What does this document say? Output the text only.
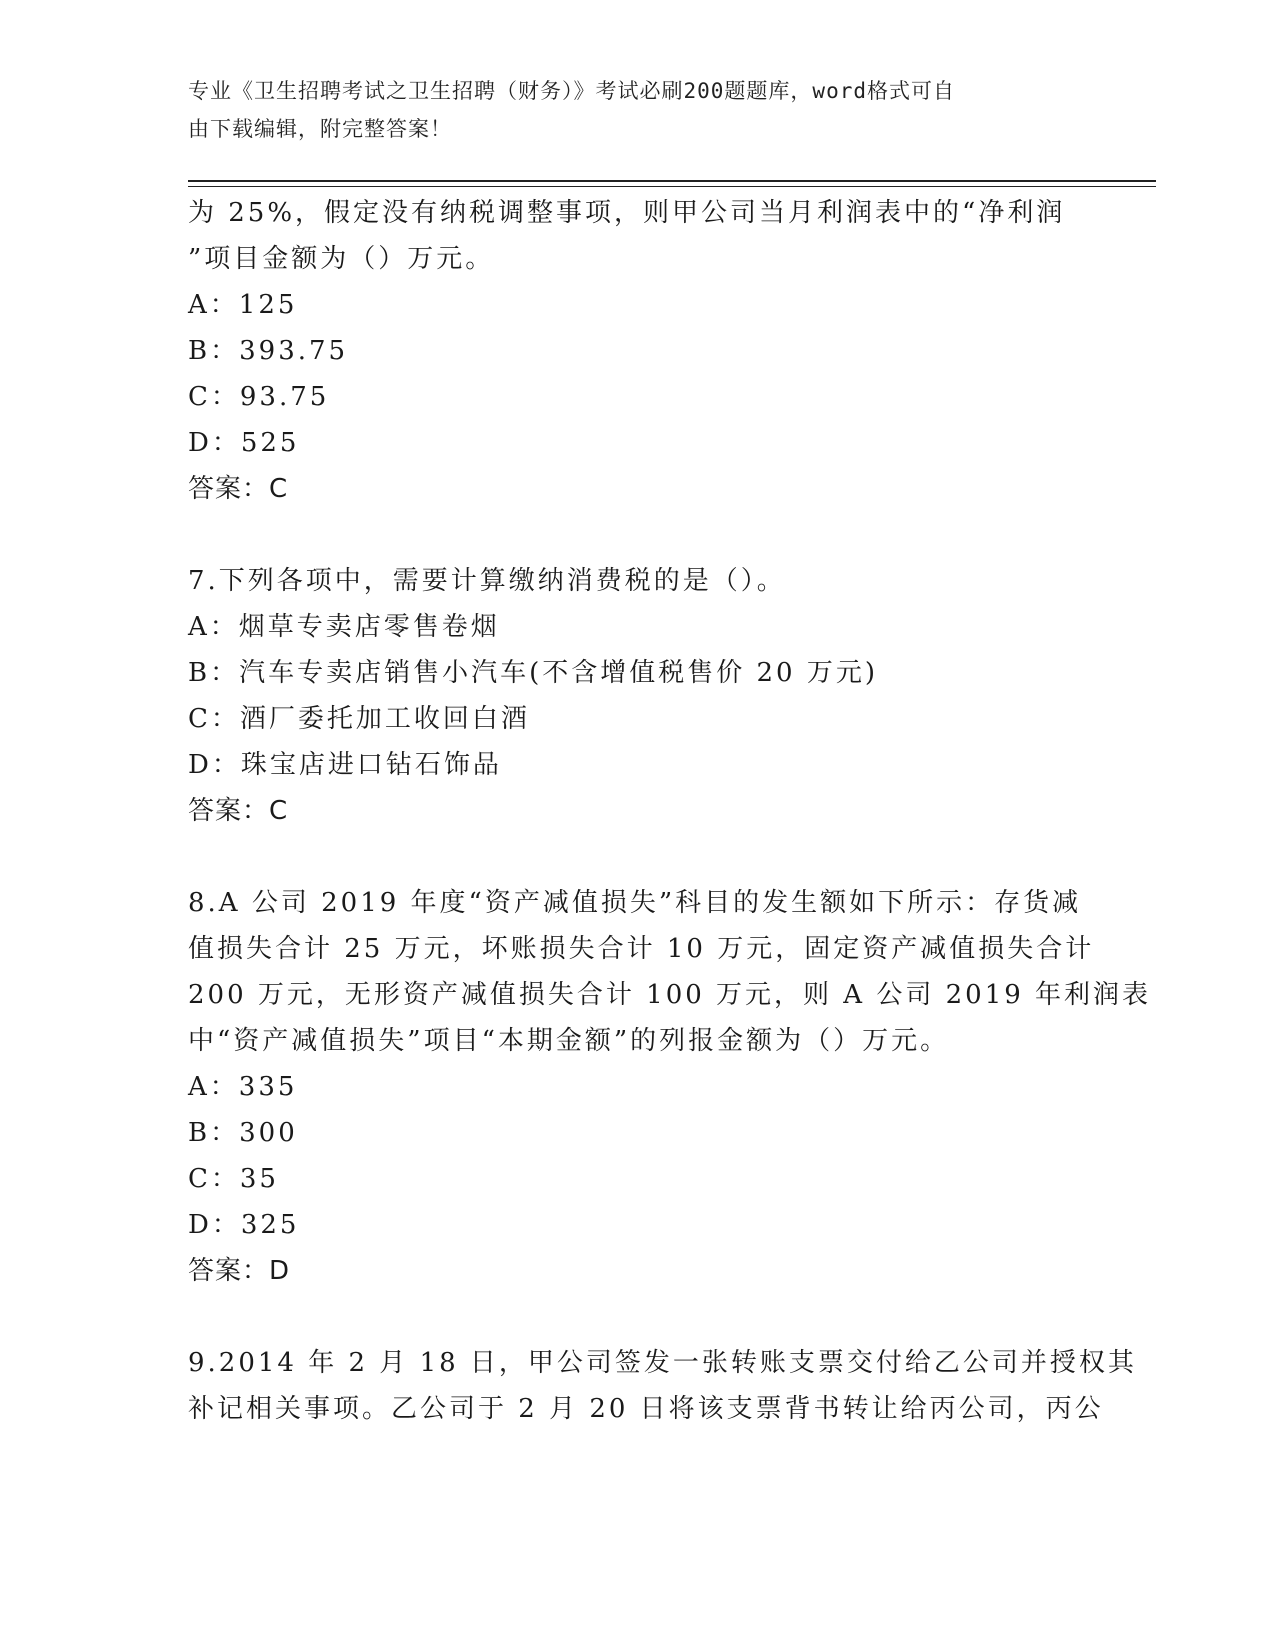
专业《卫生招聘考试之卫生招聘（财务）》考试必刷200题题库，word格式可自
由下载编辑，附完整答案！
为 25%，假定没有纳税调整事项，则甲公司当月利润表中的“净利润
”项目金额为（）万元。
A：125
B：393.75
C：93.75
D：525
答案：C
7.下列各项中，需要计算缴纳消费税的是（）。
A：烟草专卖店零售卷烟
B：汽车专卖店销售小汽车(不含增值税售价 20 万元)
C：酒厂委托加工收回白酒
D：珠宝店进口钻石饰品
答案：C
8.A 公司 2019 年度“资产减值损失”科目的发生额如下所示：存货减
值损失合计 25 万元，坏账损失合计 10 万元，固定资产减值损失合计
200 万元，无形资产减值损失合计 100 万元，则 A 公司 2019 年利润表
中“资产减值损失”项目“本期金额”的列报金额为（）万元。
A：335
B：300
C：35
D：325
答案：D
9.2014 年 2 月 18 日，甲公司签发一张转账支票交付给乙公司并授权其
补记相关事项。乙公司于 2 月 20 日将该支票背书转让给丙公司，丙公
